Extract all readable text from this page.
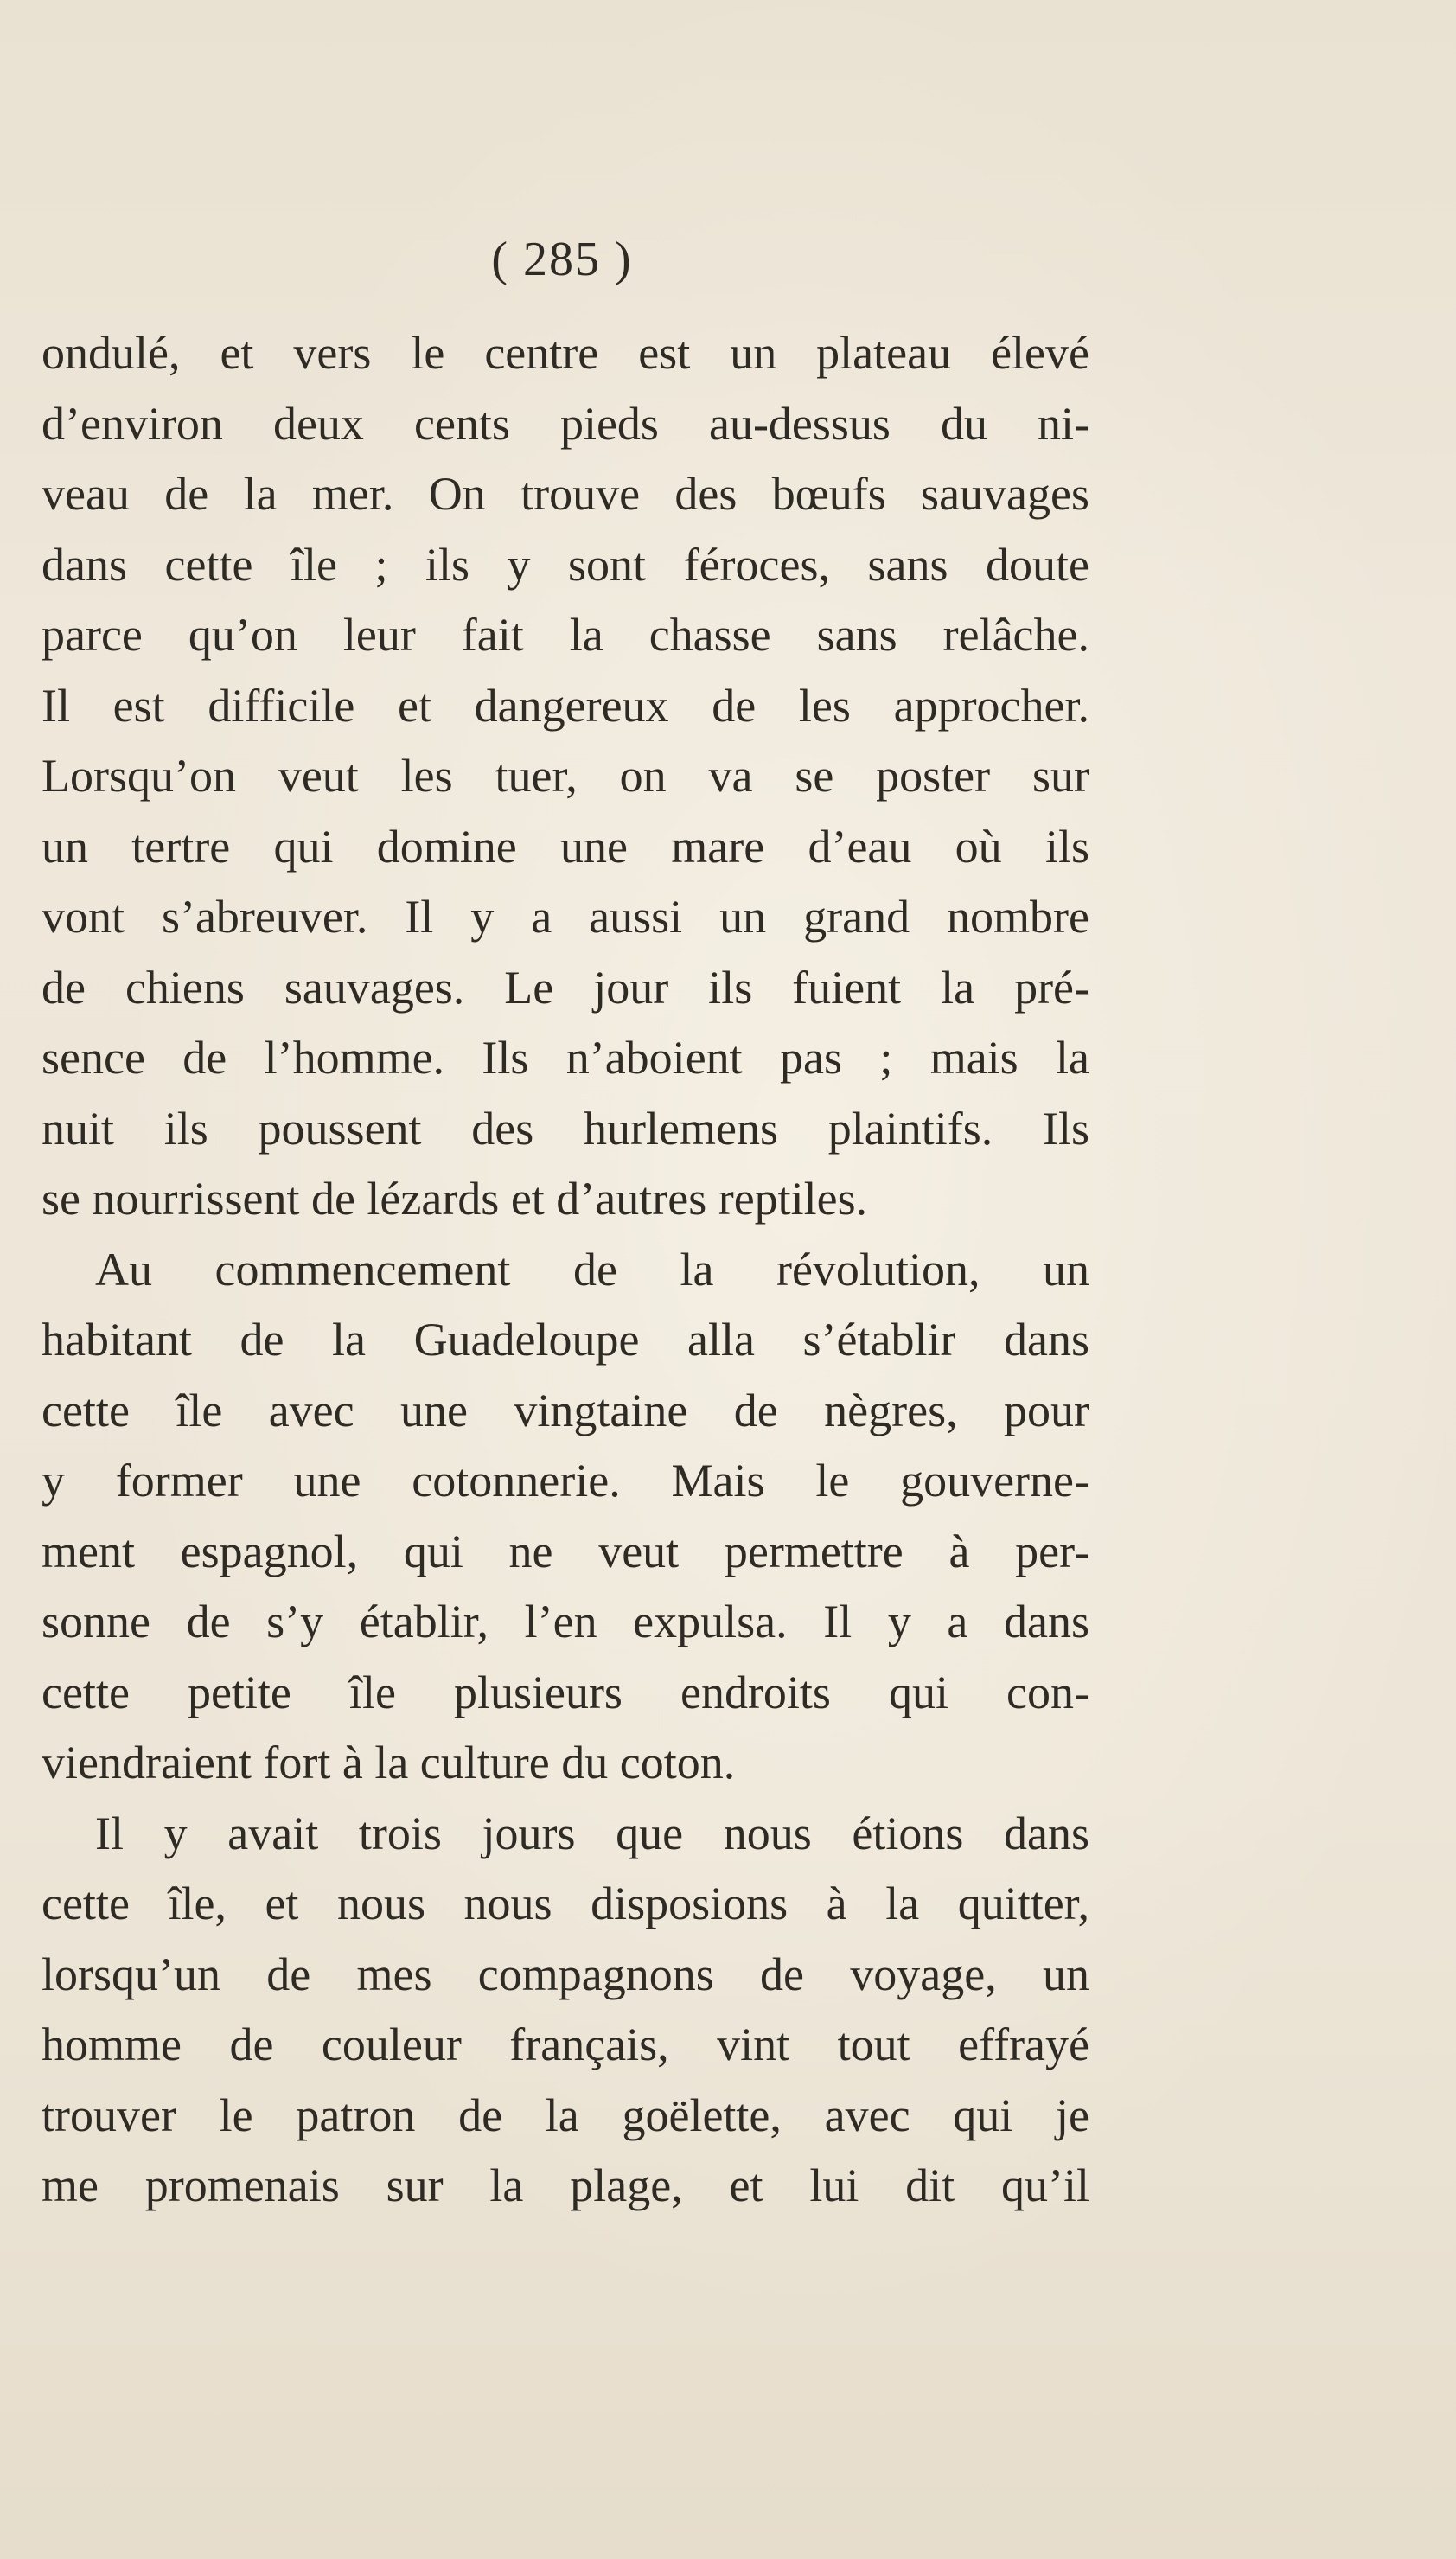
( 285 )

ondulé, et vers le centre est un plateau élevé
d’environ deux cents pieds au-dessus du ni-
veau de la mer. On trouve des bœufs sauvages
dans cette île ; ils y sont féroces, sans doute
parce qu’on leur fait la chasse sans relâche.
Il est difficile et dangereux de les approcher.
Lorsqu’on veut les tuer, on va se poster sur
un tertre qui domine une mare d’eau où ils
vont s’abreuver. Il y a aussi un grand nombre
de chiens sauvages. Le jour ils fuient la pré-
sence de l’homme. Ils n’aboient pas ; mais la
nuit ils poussent des hurlemens plaintifs. Ils
se nourrissent de lézards et d’autres reptiles.
Au commencement de la révolution, un
habitant de la Guadeloupe alla s’établir dans
cette île avec une vingtaine de nègres, pour
y former une cotonnerie. Mais le gouverne-
ment espagnol, qui ne veut permettre à per-
sonne de s’y établir, l’en expulsa. Il y a dans
cette petite île plusieurs endroits qui con-
viendraient fort à la culture du coton.
Il y avait trois jours que nous étions dans
cette île, et nous nous disposions à la quitter,
lorsqu’un de mes compagnons de voyage, un
homme de couleur français, vint tout effrayé
trouver le patron de la goëlette, avec qui je
me promenais sur la plage, et lui dit qu’il
